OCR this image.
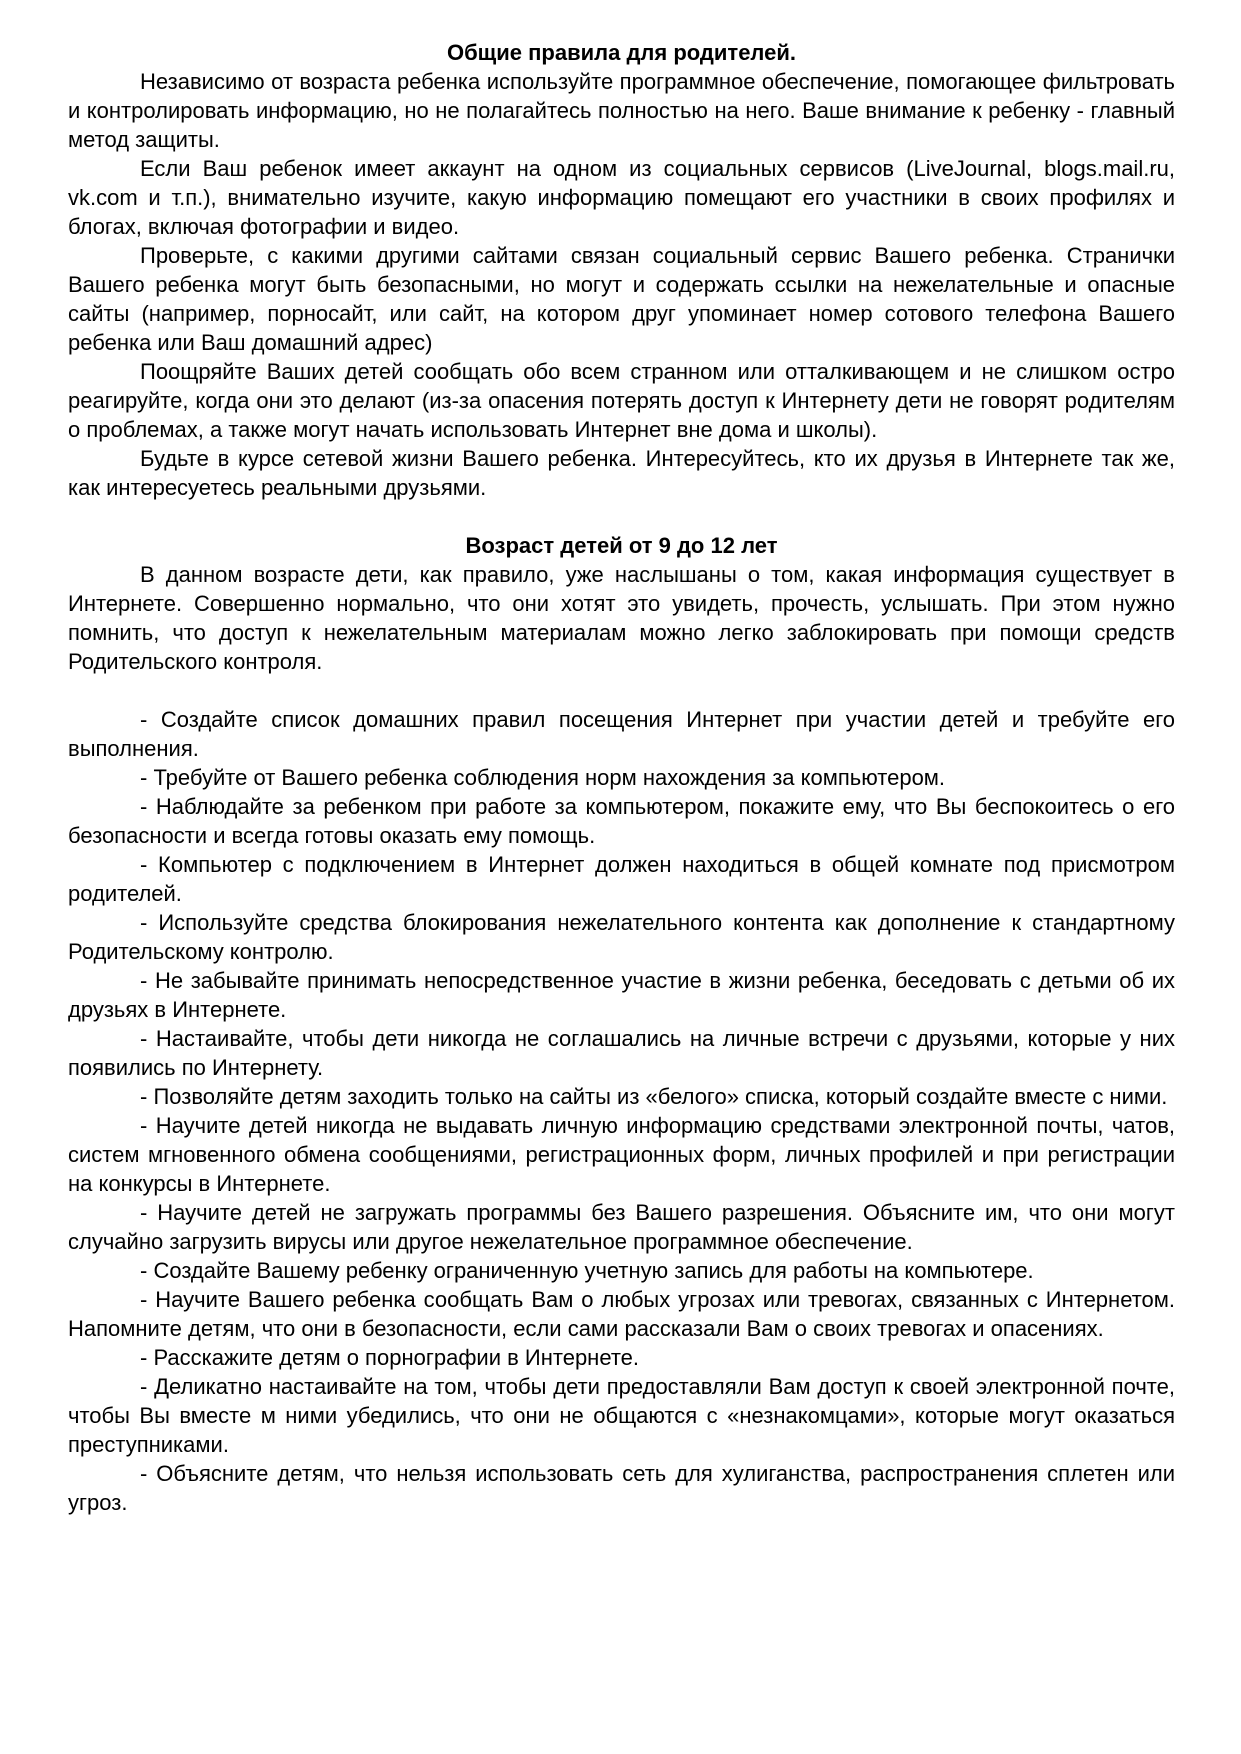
Общие правила для родителей.

Независимо от возраста ребенка используйте программное обеспечение, помогающее фильтровать и контролировать информацию, но не полагайтесь полностью на него. Ваше внимание к ребенку - главный метод защиты.

Если Ваш ребенок имеет аккаунт на одном из социальных сервисов (LiveJournal, blogs.mail.ru, vk.com и т.п.), внимательно изучите, какую информацию помещают его участники в своих профилях и блогах, включая фотографии и видео.

Проверьте, с какими другими сайтами связан социальный сервис Вашего ребенка. Странички Вашего ребенка могут быть безопасными, но могут и содержать ссылки на нежелательные и опасные сайты (например, порносайт, или сайт, на котором друг упоминает номер сотового телефона Вашего ребенка или Ваш домашний адрес)

Поощряйте Ваших детей сообщать обо всем странном или отталкивающем и не слишком остро реагируйте, когда они это делают (из-за опасения потерять доступ к Интернету дети не говорят родителям о проблемах, а также могут начать использовать Интернет вне дома и школы).

Будьте в курсе сетевой жизни Вашего ребенка. Интересуйтесь, кто их друзья в Интернете так же, как интересуетесь реальными друзьями.

Возраст детей от 9 до 12 лет

В данном возрасте дети, как правило, уже наслышаны о том, какая информация существует в Интернете. Совершенно нормально, что они хотят это увидеть, прочесть, услышать. При этом нужно помнить, что доступ к нежелательным материалам можно легко заблокировать при помощи средств Родительского контроля.

- Создайте список домашних правил посещения Интернет при участии детей и требуйте его выполнения.

- Требуйте от Вашего ребенка соблюдения норм нахождения за компьютером.

- Наблюдайте за ребенком при работе за компьютером, покажите ему, что Вы беспокоитесь о его безопасности и всегда готовы оказать ему помощь.

- Компьютер с подключением в Интернет должен находиться в общей комнате под присмотром родителей.

- Используйте средства блокирования нежелательного контента как дополнение к стандартному Родительскому контролю.

- Не забывайте принимать непосредственное участие в жизни ребенка, беседовать с детьми об их друзьях в Интернете.

- Настаивайте, чтобы дети никогда не соглашались на личные встречи с друзьями, которые у них появились по Интернету.

- Позволяйте детям заходить только на сайты из «белого» списка, который создайте вместе с ними.

- Научите детей никогда не выдавать личную информацию средствами электронной почты, чатов, систем мгновенного обмена сообщениями, регистрационных форм, личных профилей и при регистрации на конкурсы в Интернете.

- Научите детей не загружать программы без Вашего разрешения. Объясните им, что они могут случайно загрузить вирусы или другое нежелательное программное обеспечение.

- Создайте Вашему ребенку ограниченную учетную запись для работы на компьютере.

- Научите Вашего ребенка сообщать Вам о любых угрозах или тревогах, связанных с Интернетом. Напомните детям, что они в безопасности, если сами рассказали Вам о своих тревогах и опасениях.

- Расскажите детям о порнографии в Интернете.

- Деликатно настаивайте на том, чтобы дети предоставляли Вам доступ к своей электронной почте, чтобы Вы вместе м ними убедились, что они не общаются с «незнакомцами», которые могут оказаться преступниками.

- Объясните детям, что нельзя использовать сеть для хулиганства, распространения сплетен или угроз.
